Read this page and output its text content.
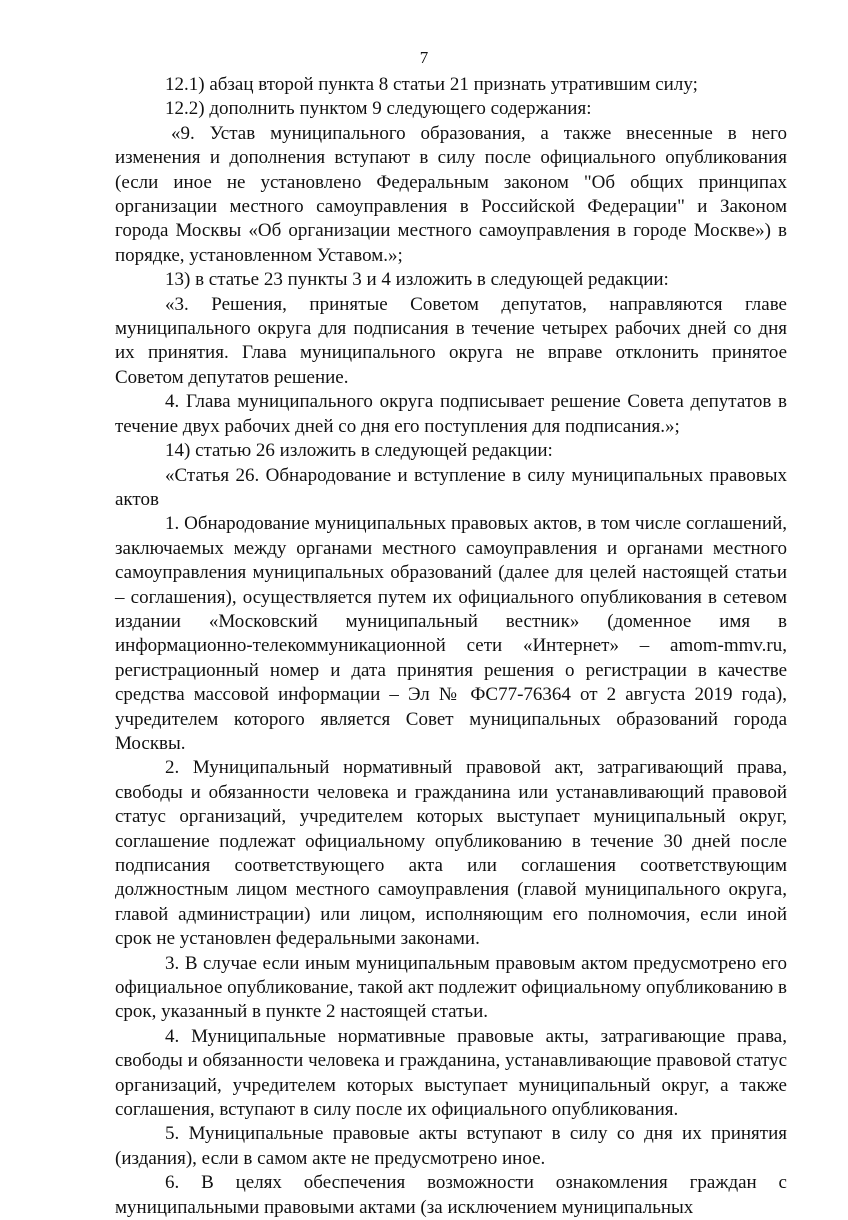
7

12.1) абзац второй пункта 8 статьи 21 признать утратившим силу;

12.2) дополнить пунктом 9 следующего содержания:

«9. Устав муниципального образования, а также внесенные в него изменения и дополнения вступают в силу после официального опубликования (если иное не установлено Федеральным законом "Об общих принципах организации местного самоуправления в Российской Федерации" и Законом города Москвы «Об организации местного самоуправления в городе Москве») в порядке, установленном Уставом.»;

13) в статье 23 пункты 3 и 4 изложить в следующей редакции:

«3. Решения, принятые Советом депутатов, направляются главе муниципального округа для подписания в течение четырех рабочих дней со дня их принятия. Глава муниципального округа не вправе отклонить принятое Советом депутатов решение.

4. Глава муниципального округа подписывает решение Совета депутатов в течение двух рабочих дней со дня его поступления для подписания.»;

14) статью 26 изложить в следующей редакции:

«Статья 26. Обнародование и вступление в силу муниципальных правовых актов

1. Обнародование муниципальных правовых актов, в том числе соглашений, заключаемых между органами местного самоуправления и органами местного самоуправления муниципальных образований (далее для целей настоящей статьи – соглашения), осуществляется путем их официального опубликования в сетевом издании «Московский муниципальный вестник» (доменное имя в информационно-телекоммуникационной сети «Интернет» – amom-mmv.ru, регистрационный номер и дата принятия решения о регистрации в качестве средства массовой информации – Эл № ФС77-76364 от 2 августа 2019 года), учредителем которого является Совет муниципальных образований города Москвы.

2. Муниципальный нормативный правовой акт, затрагивающий права, свободы и обязанности человека и гражданина или устанавливающий правовой статус организаций, учредителем которых выступает муниципальный округ, соглашение подлежат официальному опубликованию в течение 30 дней после подписания соответствующего акта или соглашения соответствующим должностным лицом местного самоуправления (главой муниципального округа, главой администрации) или лицом, исполняющим его полномочия, если иной срок не установлен федеральными законами.

3. В случае если иным муниципальным правовым актом предусмотрено его официальное опубликование, такой акт подлежит официальному опубликованию в срок, указанный в пункте 2 настоящей статьи.

4. Муниципальные нормативные правовые акты, затрагивающие права, свободы и обязанности человека и гражданина, устанавливающие правовой статус организаций, учредителем которых выступает муниципальный округ, а также соглашения, вступают в силу после их официального опубликования.

5. Муниципальные правовые акты вступают в силу со дня их принятия (издания), если в самом акте не предусмотрено иное.

6. В целях обеспечения возможности ознакомления граждан с муниципальными правовыми актами (за исключением муниципальных
